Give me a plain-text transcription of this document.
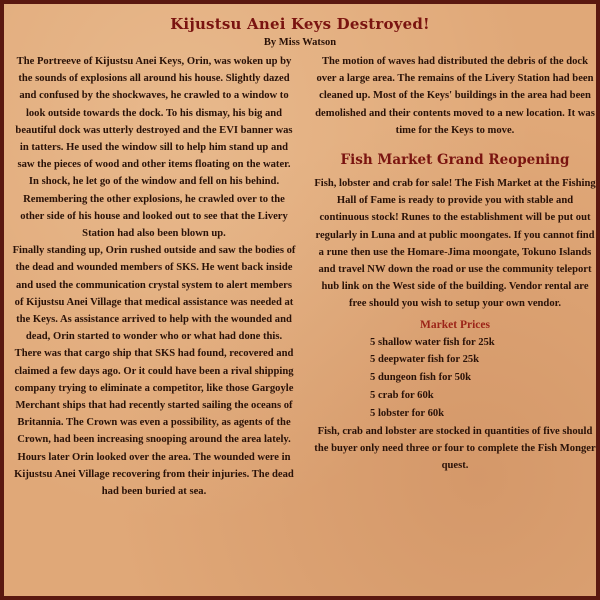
Kijustsu Anei Keys Destroyed!
By Miss Watson

The Portreeve of Kijustsu Anei Keys, Orin, was woken up by the sounds of explosions all around his house. Slightly dazed and confused by the shockwaves, he crawled to a window to look outside towards the dock. To his dismay, his big and beautiful dock was utterly destroyed and the EVI banner was in tatters. He used the window sill to help him stand up and saw the pieces of wood and other items floating on the water. In shock, he let go of the window and fell on his behind. Remembering the other explosions, he crawled over to the other side of his house and looked out to see that the Livery Station had also been blown up.

Finally standing up, Orin rushed outside and saw the bodies of the dead and wounded members of SKS. He went back inside and used the communication crystal system to alert members of Kijustsu Anei Village that medical assistance was needed at the Keys. As assistance arrived to help with the wounded and dead, Orin started to wonder who or what had done this. There was that cargo ship that SKS had found, recovered and claimed a few days ago. Or it could have been a rival shipping company trying to eliminate a competitor, like those Gargoyle Merchant ships that had recently started sailing the oceans of Britannia. The Crown was even a possibility, as agents of the Crown, had been increasing snooping around the area lately.

Hours later Orin looked over the area. The wounded were in Kijustsu Anei Village recovering from their injuries. The dead had been buried at sea.

The motion of waves had distributed the debris of the dock over a large area. The remains of the Livery Station had been cleaned up. Most of the Keys' buildings in the area had been demolished and their contents moved to a new location. It was time for the Keys to move.

Fish Market Grand Reopening

Fish, lobster and crab for sale! The Fish Market at the Fishing Hall of Fame is ready to provide you with stable and continuous stock! Runes to the establishment will be put out regularly in Luna and at public moongates. If you cannot find a rune then use the Homare-Jima moongate, Tokuno Islands and travel NW down the road or use the community teleport hub link on the West side of the building. Vendor rental are free should you wish to setup your own vendor.

Market Prices
5 shallow water fish for 25k
5 deepwater fish for 25k
5 dungeon fish for 50k
5 crab for 60k
5 lobster for 60k

Fish, crab and lobster are stocked in quantities of five should the buyer only need three or four to complete the Fish Monger quest.
